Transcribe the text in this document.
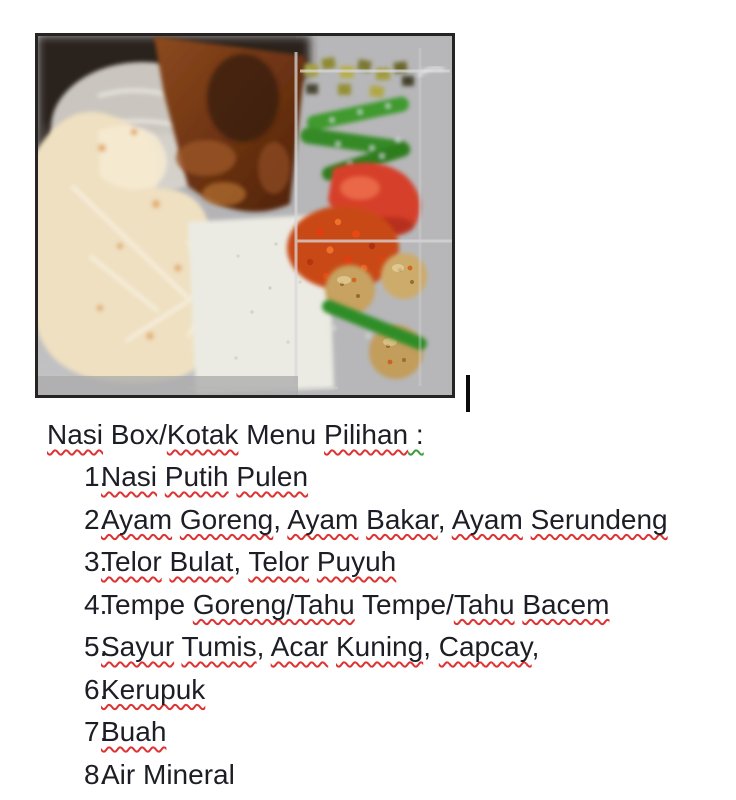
Nasi Box/Kotak Menu Pilihan :
1.
Nasi Putih Pulen
2.
Ayam Goreng, Ayam Bakar, Ayam Serundeng
3.
Telor Bulat, Telor Puyuh
4.
Tempe Goreng/Tahu Tempe/Tahu Bacem
5.
Sayur Tumis, Acar Kuning, Capcay,
6.
Kerupuk
7.
Buah
8.
Air Mineral
